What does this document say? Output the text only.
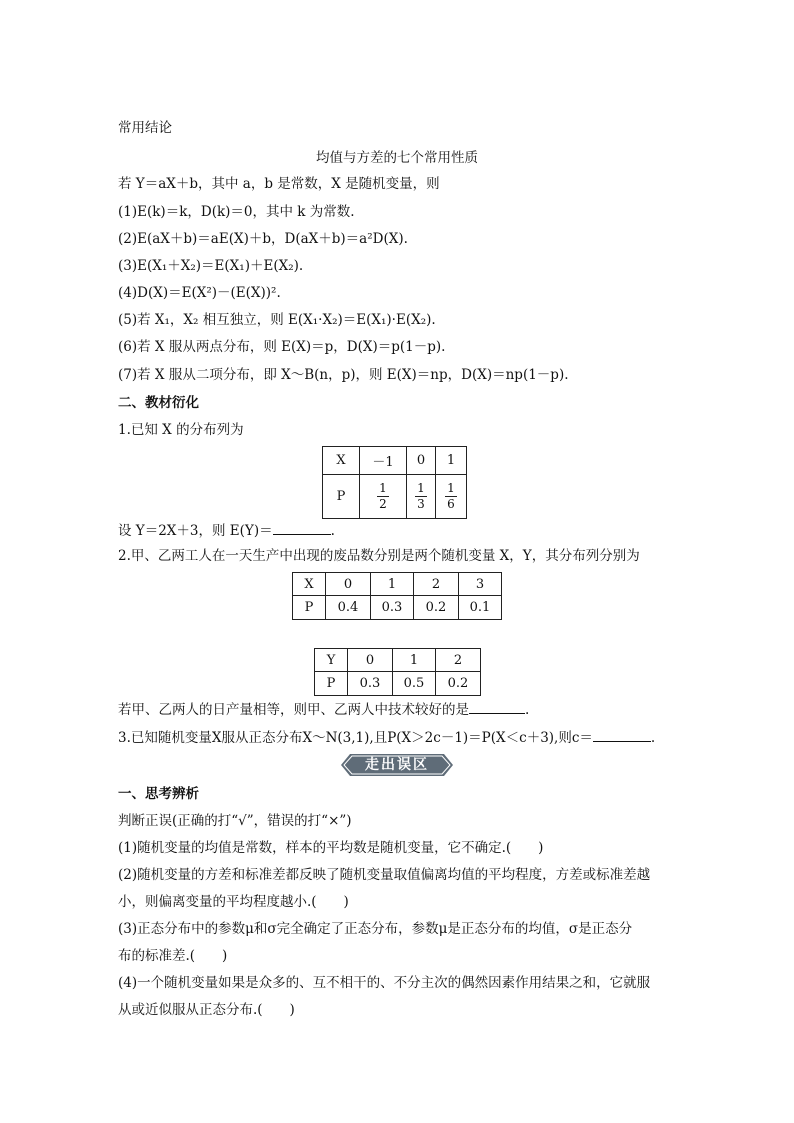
常用结论
均值与方差的七个常用性质
若 Y＝aX＋b，其中 a，b 是常数，X 是随机变量，则
(1)E(k)＝k，D(k)＝0，其中 k 为常数.
(2)E(aX＋b)＝aE(X)＋b，D(aX＋b)＝a²D(X).
(3)E(X₁＋X₂)＝E(X₁)＋E(X₂).
(4)D(X)＝E(X²)－(E(X))².
(5)若 X₁，X₂ 相互独立，则 E(X₁·X₂)＝E(X₁)·E(X₂).
(6)若 X 服从两点分布，则 E(X)＝p，D(X)＝p(1－p).
(7)若 X 服从二项分布，即 X～B(n，p)，则 E(X)＝np，D(X)＝np(1－p).
二、教材衍化
1.已知 X 的分布列为
X	－1	0	1
P	$\frac{1}{2}$	$\frac{1}{3}$	$\frac{1}{6}$
设 Y＝2X＋3，则 E(Y)＝	.
2.甲、乙两工人在一天生产中出现的废品数分别是两个随机变量 X，Y，其分布列分别为
X	0	1	2	3
P	0.4	0.3	0.2	0.1
Y	0	1	2
P	0.3	0.5	0.2
若甲、乙两人的日产量相等，则甲、乙两人中技术较好的是	.
3.已知随机变量X服从正态分布X～N(3,1),且P(X＞2c－1)＝P(X＜c＋3),则c＝	.
走出误区
一、思考辨析
判断正误(正确的打“√”，错误的打“×”)
(1)随机变量的均值是常数，样本的平均数是随机变量，它不确定.(　　)
(2)随机变量的方差和标准差都反映了随机变量取值偏离均值的平均程度，方差或标准差越
小，则偏离变量的平均程度越小.(　　)
(3)正态分布中的参数μ和σ完全确定了正态分布，参数μ是正态分布的均值，σ是正态分
布的标准差.(　　)
(4)一个随机变量如果是众多的、互不相干的、不分主次的偶然因素作用结果之和，它就服
从或近似服从正态分布.(　　)
